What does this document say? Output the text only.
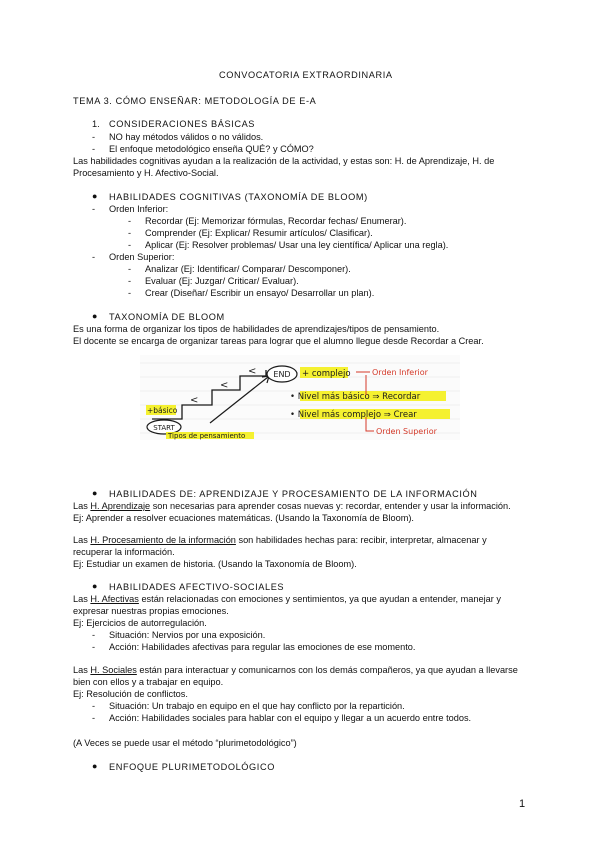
CONVOCATORIA EXTRAORDINARIA
TEMA 3. CÓMO ENSEÑAR: METODOLOGÍA DE E-A
1. CONSIDERACIONES BÁSICAS
- NO hay métodos válidos o no válidos.
- El enfoque metodológico enseña QUÉ? y CÓMO?
Las habilidades cognitivas ayudan a la realización de la actividad, y estas son: H. de Aprendizaje, H. de Procesamiento y H. Afectivo-Social.
● HABILIDADES COGNITIVAS (TAXONOMÍA DE BLOOM)
- Orden Inferior:
- Recordar (Ej: Memorizar fórmulas, Recordar fechas/ Enumerar).
- Comprender (Ej: Explicar/ Resumir artículos/ Clasificar).
- Aplicar (Ej: Resolver problemas/ Usar una ley científica/ Aplicar una regla).
- Orden Superior:
- Analizar (Ej: Identificar/ Comparar/ Descomponer).
- Evaluar (Ej: Juzgar/ Criticar/ Evaluar).
- Crear (Diseñar/ Escribir un ensayo/ Desarrollar un plan).
● TAXONOMÍA DE BLOOM
Es una forma de organizar los tipos de habilidades de aprendizajes/tipos de pensamiento.
El docente se encarga de organizar tareas para lograr que el alumno llegue desde Recordar a Crear.
<
<
< END + complejo	Orden Inferior
+básico
START
Tipos de pensamiento
• Nivel más básico ⇒ Recordar
• Nivel más complejo ⇒ Crear
Orden Superior
● HABILIDADES DE: APRENDIZAJE Y PROCESAMIENTO DE LA INFORMACIÓN
Las H. Aprendizaje son necesarias para aprender cosas nuevas y: recordar, entender y usar la información.
Ej: Aprender a resolver ecuaciones matemáticas. (Usando la Taxonomía de Bloom).
Las H. Procesamiento de la información son habilidades hechas para: recibir, interpretar, almacenar y recuperar la información.
Ej: Estudiar un examen de historia. (Usando la Taxonomía de Bloom).
● HABILIDADES AFECTIVO-SOCIALES
Las H. Afectivas están relacionadas con emociones y sentimientos, ya que ayudan a entender, manejar y expresar nuestras propias emociones.
Ej: Ejercicios de autorregulación.
- Situación: Nervios por una exposición.
- Acción: Habilidades afectivas para regular las emociones de ese momento.
Las H. Sociales están para interactuar y comunicarnos con los demás compañeros, ya que ayudan a llevarse bien con ellos y a trabajar en equipo.
Ej: Resolución de conflictos.
- Situación: Un trabajo en equipo en el que hay conflicto por la repartición.
- Acción: Habilidades sociales para hablar con el equipo y llegar a un acuerdo entre todos.
(A Veces se puede usar el método “plurimetodológico”)
● ENFOQUE PLURIMETODOLÓGICO
1
